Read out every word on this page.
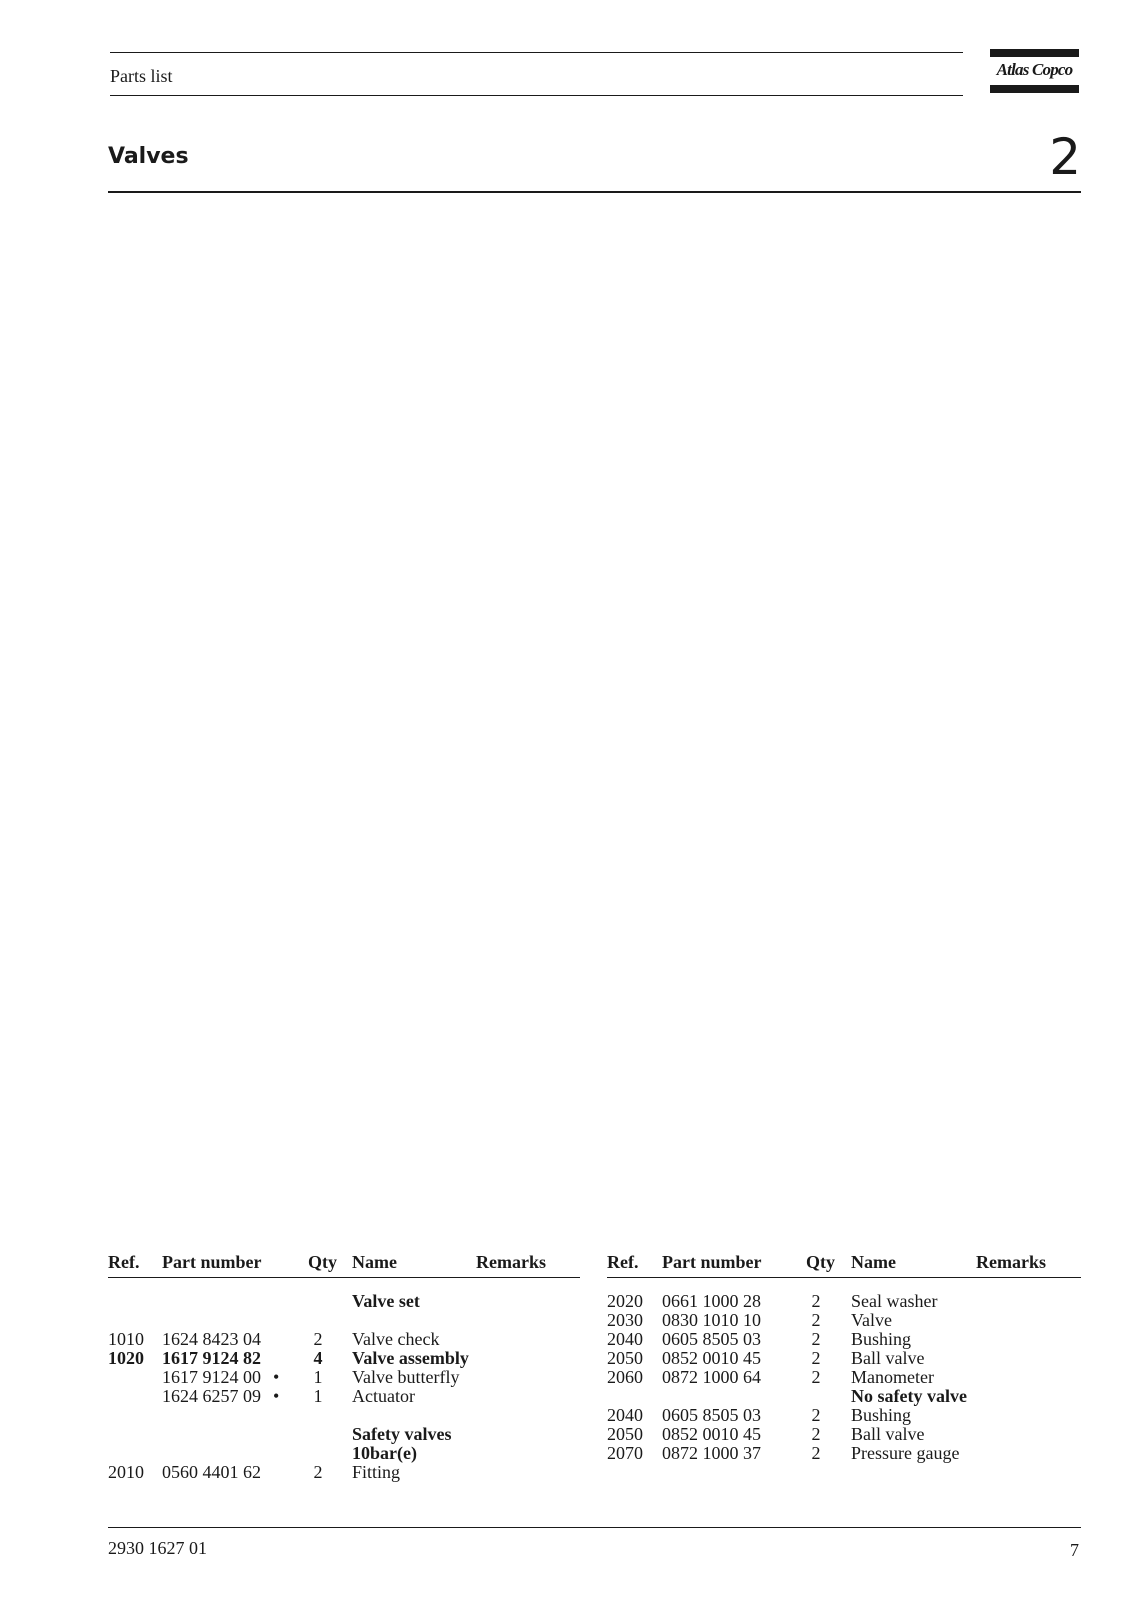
Parts list	Atlas Copco
Valves	2
Ref. Part number	Qty Name	Remarks
Valve set
1010 1624 8423 04	2	Valve check
1020 1617 9124 82	4	Valve assembly
1617 9124 00 •	1	Valve butterfly
1624 6257 09 •	1	Actuator
Safety valves
10bar(e)
2010 0560 4401 62	2	Fitting
Ref. Part number Qty Name	Remarks
2020 0661 1000 28	2	Seal washer
2030 0830 1010 10	2	Valve
2040 0605 8505 03	2	Bushing
2050 0852 0010 45	2	Ball valve
2060 0872 1000 64	2	Manometer
No safety valve
2040 0605 8505 03	2	Bushing
2050 0852 0010 45	2	Ball valve
2070 0872 1000 37	2	Pressure gauge
2930 1627 01	7
